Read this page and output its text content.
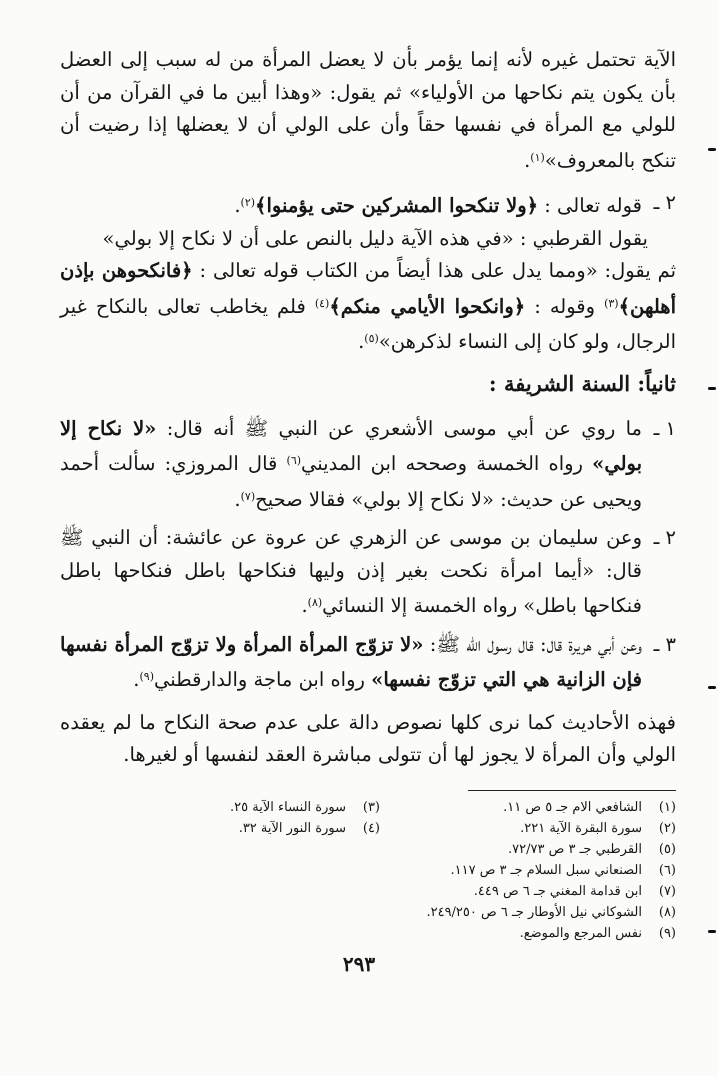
الآية تحتمل غيره لأنه إنما يؤمر بأن لا يعضل المرأة من له سبب إلى العضل بأن يكون يتم نكاحها من الأولياء» ثم يقول: «وهذا أبين ما في القرآن من أن للولي مع المرأة في نفسها حقاً وأن على الولي أن لا يعضلها إذا رضيت أن تنكح بالمعروف»$^{(١)}$.

٢ ـ

قوله تعالى : ﴿ولا تنكحوا المشركين حتى يؤمنوا﴾$^{(٢)}$.

يقول القرطبي : «في هذه الآية دليل بالنص على أن لا نكاح إلا بولي»

ثم يقول: «ومما يدل على هذا أيضاً من الكتاب قوله تعالى : ﴿فانكحوهن بإذن أهلهن﴾$^{(٣)}$ وقوله : ﴿وانكحوا الأيامي منكم﴾$^{(٤)}$ فلم يخاطب تعالى بالنكاح غير الرجال، ولو كان إلى النساء لذكرهن»$^{(٥)}$.

ثانياً: السنة الشريفة :
١ ـ

ما روي عن أبي موسى الأشعري عن النبي ﷺ أنه قال: «لا نكاح إلا بولي» رواه الخمسة وصححه ابن المديني$^{(٦)}$ قال المروزي: سألت أحمد ويحيى عن حديث: «لا نكاح إلا بولي» فقالا صحيح$^{(٧)}$.

٢ ـ

وعن سليمان بن موسى عن الزهري عن عروة عن عائشة: أن النبي ﷺ قال: «أيما امرأة نكحت بغير إذن وليها فنكاحها باطل فنكاحها باطل فنكاحها باطل» رواه الخمسة إلا النسائي$^{(٨)}$.

٣ ـ

وعن أبي هريرة قال: قال رسول الله ﷺ: «لا تزوّج المرأة المرأة ولا تزوّج المرأة نفسها فإن الزانية هي التي تزوّج نفسها» رواه ابن ماجة والدارقطني$^{(٩)}$.

فهذه الأحاديث كما نرى كلها نصوص دالة على عدم صحة النكاح ما لم يعقده الولي وأن المرأة لا يجوز لها أن تتولى مباشرة العقد لنفسها أو لغيرها.

(١)الشافعي الام جـ ٥ ص ١١.
(٢)سورة البقرة الآية ٢٢١.
(٣)سورة النساء الآية ٢٥.
(٤)سورة النور الآية ٣٢.
(٥)القرطبي جـ ٣ ص ٧٢/٧٣.
(٦)الصنعاني سبل السلام جـ ٣ ص ١١٧.
(٧)ابن قدامة المغني جـ ٦ ص ٤٤٩.
(٨)الشوكاني نيل الأوطار جـ ٦ ص ٢٤٩/٢٥٠.
(٩)نفس المرجع والموضع.
٢٩٣
